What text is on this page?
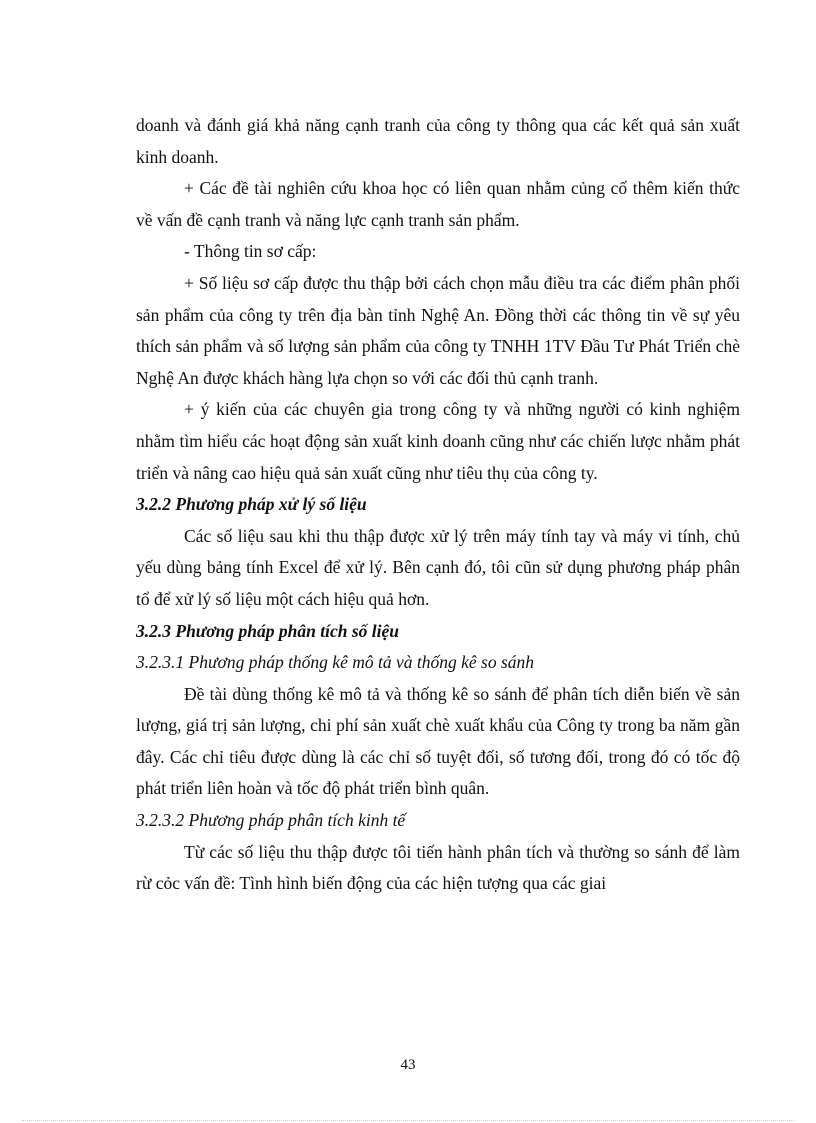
doanh và đánh giá khả năng cạnh tranh của công ty thông qua các kết quả sản xuất kinh doanh.

+ Các đề tài nghiên cứu khoa học có liên quan nhằm củng cố thêm kiến thức về vấn đề cạnh tranh và năng lực cạnh tranh sản phẩm.

- Thông tin sơ cấp:

+ Số liệu sơ cấp được thu thập bởi cách chọn mẫu điều tra các điểm phân phối sản phẩm của công ty trên địa bàn tỉnh Nghệ An. Đồng thời các thông tin về sự yêu thích sản phẩm và số lượng sản phẩm của công ty TNHH 1TV Đầu Tư Phát Triển chè Nghệ An được khách hàng lựa chọn so với các đối thủ cạnh tranh.

+ ý kiến của các chuyên gia trong công ty và những người có kinh nghiệm nhằm tìm hiểu các hoạt động sản xuất kinh doanh cũng như các chiến lược nhằm phát triển và nâng cao hiệu quả sản xuất cũng như tiêu thụ của công ty.

3.2.2 Phương pháp xử lý số liệu

Các số liệu sau khi thu thập được xử lý trên máy tính tay và máy vi tính, chủ yếu dùng bảng tính Excel để xử lý. Bên cạnh đó, tôi cũn sử dụng phương pháp phân tổ để xử lý số liệu một cách hiệu quả hơn.

3.2.3 Phương pháp phân tích số liệu

3.2.3.1 Phương pháp thống kê mô tả và thống kê so sánh

Đề tài dùng thống kê mô tả và thống kê so sánh để phân tích diễn biến về sản lượng, giá trị sản lượng, chi phí sản xuất chè xuất khẩu của Công ty trong ba năm gần đây. Các chỉ tiêu được dùng là các chỉ số tuyệt đối, số tương đối, trong đó có tốc độ phát triển liên hoàn và tốc độ phát triển bình quân.

3.2.3.2 Phương pháp phân tích kinh tế

Từ các số liệu thu thập được tôi tiến hành phân tích và thường so sánh để làm rừ cỏc vấn đề: Tình hình biến động của các hiện tượng qua các giai

43
